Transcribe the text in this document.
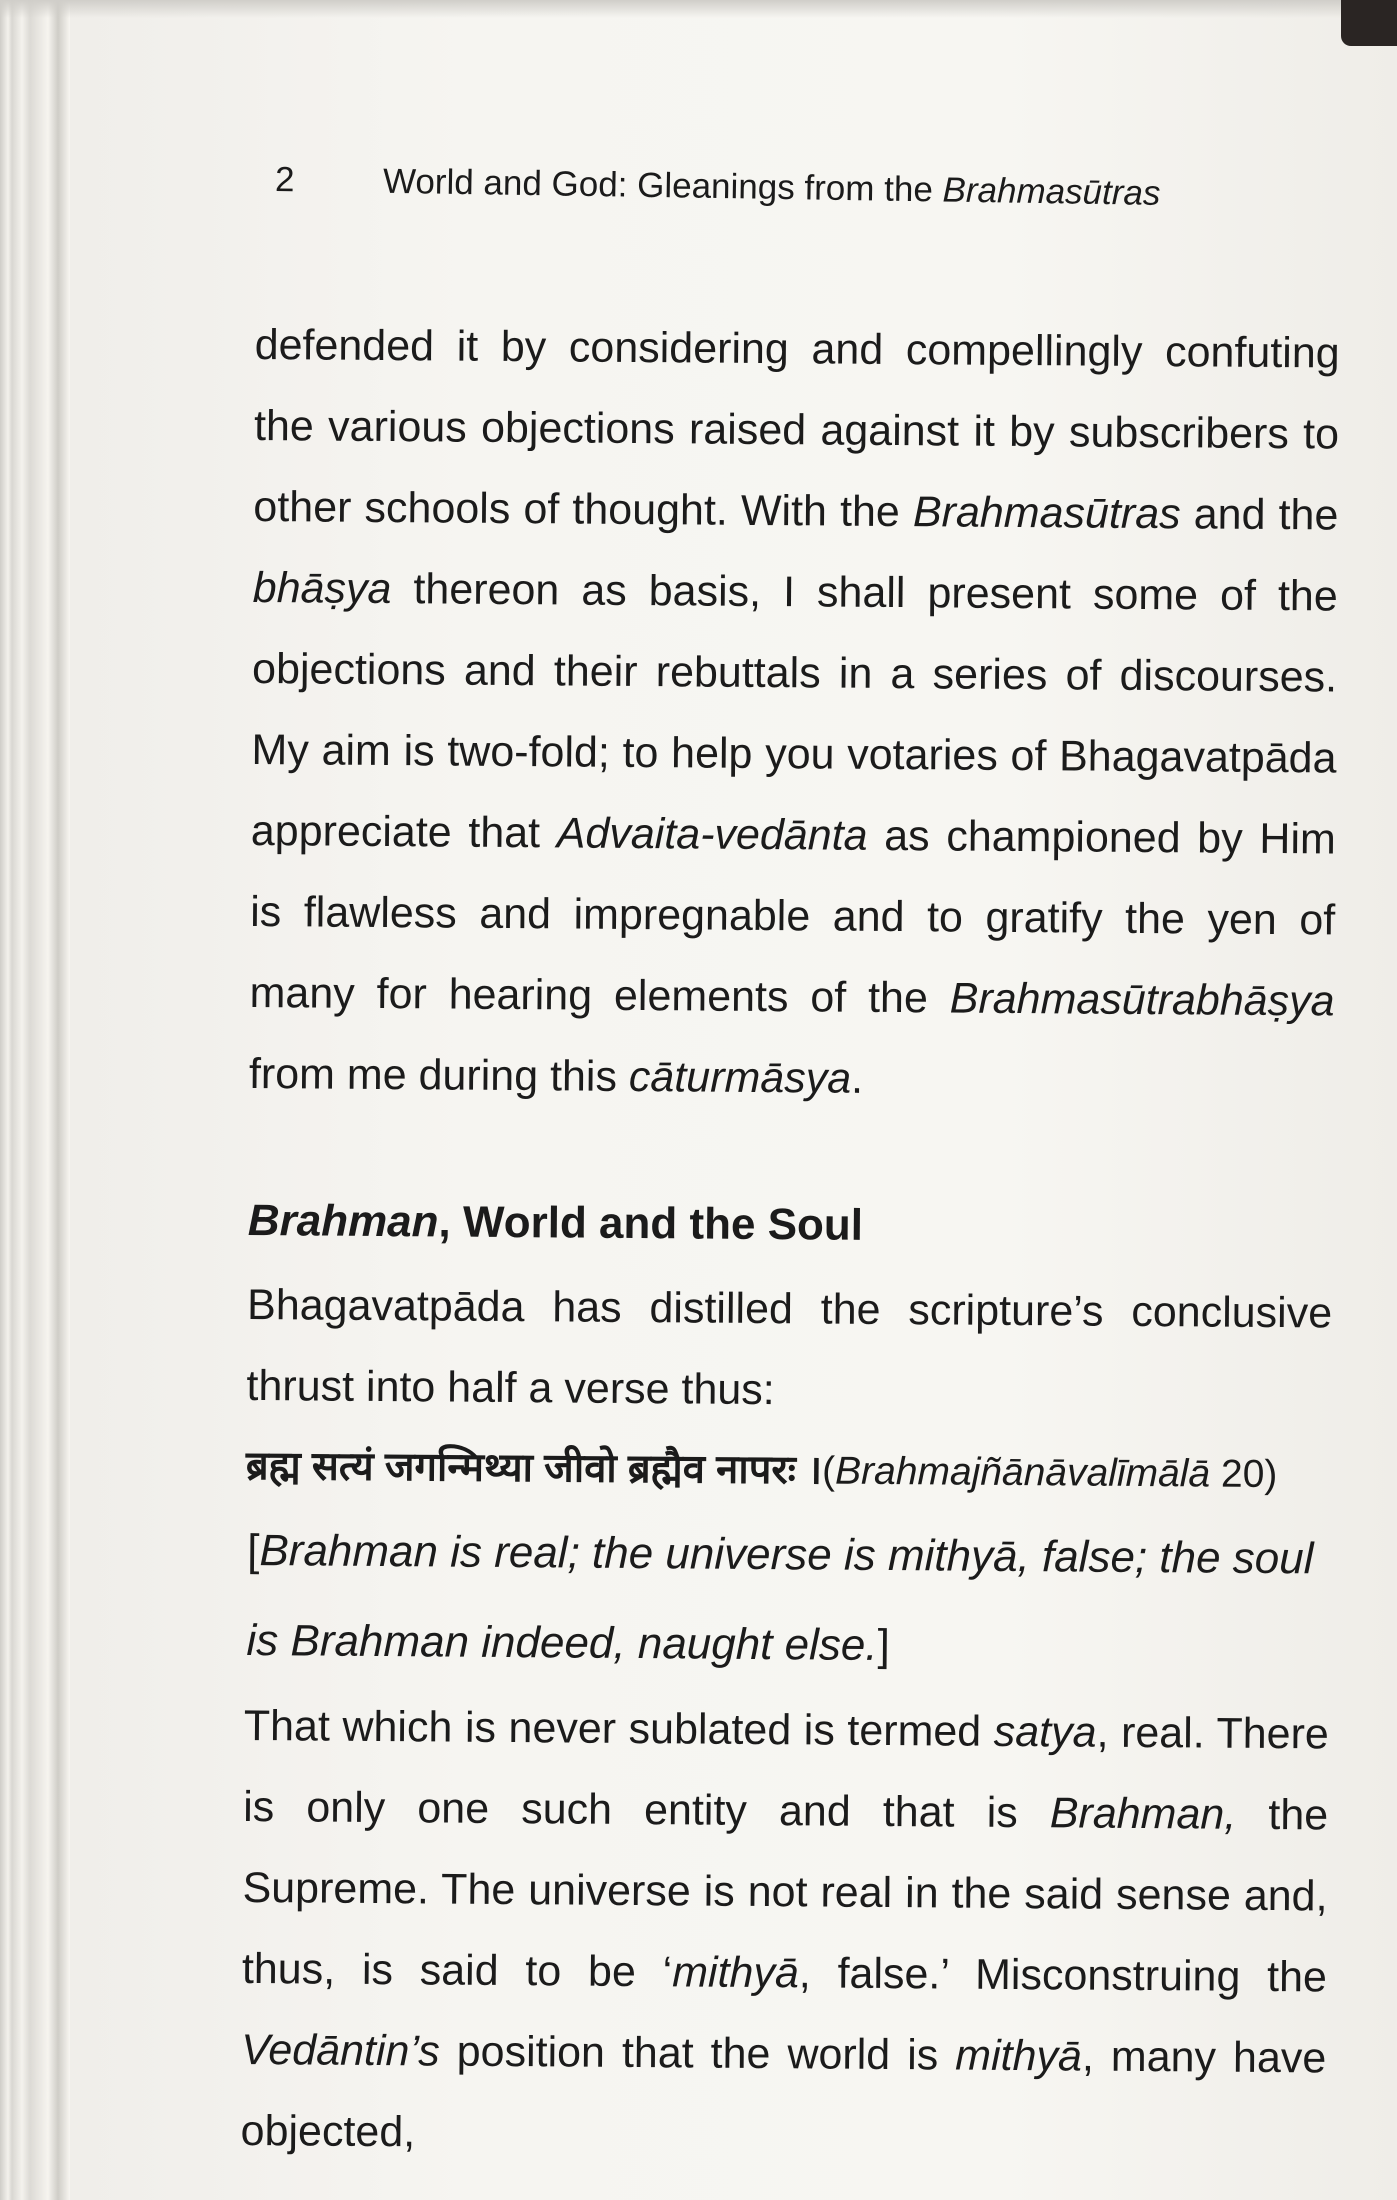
2	World and God: Gleanings from the Brahmasūtras

defended it by considering and compellingly confuting the various objections raised against it by subscribers to other schools of thought. With the Brahmasūtras and the bhāṣya thereon as basis, I shall present some of the objections and their rebuttals in a series of discourses. My aim is two-fold; to help you votaries of Bhagavatpāda appreciate that Advaita-vedānta as championed by Him is flawless and impregnable and to gratify the yen of many for hearing elements of the Brahmasūtrabhāṣya from me during this cāturmāsya.

Brahman, World and the Soul

Bhagavatpāda has distilled the scripture’s conclusive thrust into half a verse thus:

ब्रह्म सत्यं जगन्मिथ्या जीवो ब्रह्मैव नापरः ।(Brahmajñānāvalīmālā 20)
[Brahman is real; the universe is mithyā, false; the soul is Brahman indeed, naught else.]

That which is never sublated is termed satya, real. There is only one such entity and that is Brahman, the Supreme. The universe is not real in the said sense and, thus, is said to be ‘mithyā, false.’ Misconstruing the Vedāntin’s position that the world is mithyā, many have objected,
